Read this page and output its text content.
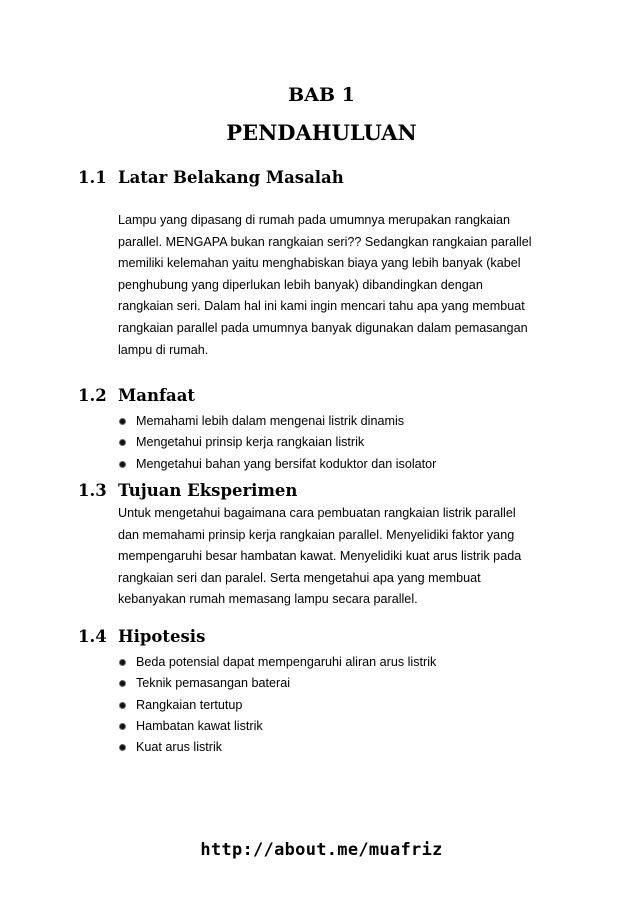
BAB 1
PENDAHULUAN
1.1 Latar Belakang Masalah
Lampu yang dipasang di rumah pada umumnya merupakan rangkaian
parallel. MENGAPA bukan rangkaian seri?? Sedangkan rangkaian parallel
memiliki kelemahan yaitu menghabiskan biaya yang lebih banyak (kabel
penghubung yang diperlukan lebih banyak) dibandingkan dengan
rangkaian seri. Dalam hal ini kami ingin mencari tahu apa yang membuat
rangkaian parallel pada umumnya banyak digunakan dalam pemasangan
lampu di rumah.
1.2 Manfaat
Memahami lebih dalam mengenai listrik dinamis
Mengetahui prinsip kerja rangkaian listrik
Mengetahui bahan yang bersifat koduktor dan isolator
1.3 Tujuan Eksperimen
Untuk mengetahui bagaimana cara pembuatan rangkaian listrik parallel
dan memahami prinsip kerja rangkaian parallel. Menyelidiki faktor yang
mempengaruhi besar hambatan kawat. Menyelidiki kuat arus listrik pada
rangkaian seri dan paralel. Serta mengetahui apa yang membuat
kebanyakan rumah memasang lampu secara parallel.
1.4 Hipotesis
Beda potensial dapat mempengaruhi aliran arus listrik
Teknik pemasangan baterai
Rangkaian tertutup
Hambatan kawat listrik
Kuat arus listrik
http://about.me/muafriz
